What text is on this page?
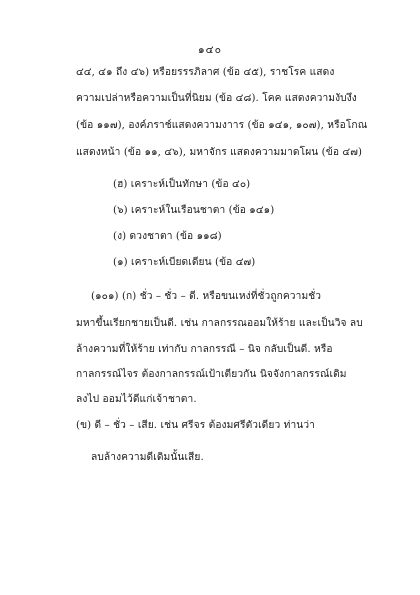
๑๔๐
๔๔, ๔๑ ถึง ๔๖) หรือยรรรภิลาศ (ข้อ ๔๕), ราชโรค แสดง
ความเปล่าหรือความเป็นที่นิยม (ข้อ ๔๘). โคค แสดงความงับงึง
(ข้อ ๑๑๗), องค์ภราช์แสดงความงาาร (ข้อ ๑๔๑, ๑๐๗), หรือโกณ
แสดงหน้า (ข้อ ๑๑, ๔๖), มหาจักร แสดงความมาดโผน (ข้อ ๔๗)
(ฮ) เคราะห์เป็นทักษา (ข้อ ๔๐)
(๖) เคราะห์ในเรือนชาตา (ข้อ ๑๔๑)
(ง) ดวงชาตา (ข้อ ๑๑๘)
(๑) เคราะห์เบียดเดียน (ข้อ ๔๗)
(๑๐๑) (ก) ชั่ว – ชั่ว – ดี. หรือขนเหง่ที่ชั่วถูกความชั่ว
มหาขึ้นเรียกชายเป็นดี. เช่น กาลกรรณออมให้ร้าย และเป็นวิจ ลบ
ล้างความที่ให้ร้าย เท่ากับ กาลกรรณี – นิจ กลับเป็นดี. หรือ
กาลกรรณ์ไจร ต้องกาลกรรณ์เป้าเตียวกัน นิจจังกาลกรรณ์เดิม
ลงไป ออมไว้ดีแก่เจ้าชาตา.
(ข) ดี – ชั่ว – เสีย. เช่น ศรีจร ต้องมศรีตัวเดียว ท่านว่า
ลบล้างความดีเดิมนั้นเสีย.
